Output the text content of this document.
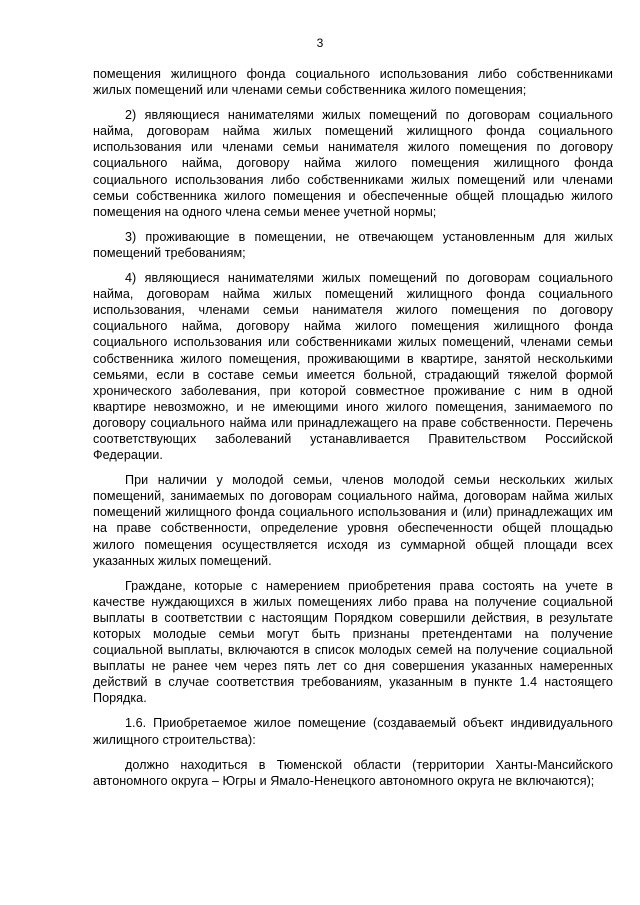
3

помещения жилищного фонда социального использования либо собственниками жилых помещений или членами семьи собственника жилого помещения;

2) являющиеся нанимателями жилых помещений по договорам социального найма, договорам найма жилых помещений жилищного фонда социального использования или членами семьи нанимателя жилого помещения по договору социального найма, договору найма жилого помещения жилищного фонда социального использования либо собственниками жилых помещений или членами семьи собственника жилого помещения и обеспеченные общей площадью жилого помещения на одного члена семьи менее учетной нормы;

3) проживающие в помещении, не отвечающем установленным для жилых помещений требованиям;

4) являющиеся нанимателями жилых помещений по договорам социального найма, договорам найма жилых помещений жилищного фонда социального использования, членами семьи нанимателя жилого помещения по договору социального найма, договору найма жилого помещения жилищного фонда социального использования или собственниками жилых помещений, членами семьи собственника жилого помещения, проживающими в квартире, занятой несколькими семьями, если в составе семьи имеется больной, страдающий тяжелой формой хронического заболевания, при которой совместное проживание с ним в одной квартире невозможно, и не имеющими иного жилого помещения, занимаемого по договору социального найма или принадлежащего на праве собственности. Перечень соответствующих заболеваний устанавливается Правительством Российской Федерации.

При наличии у молодой семьи, членов молодой семьи нескольких жилых помещений, занимаемых по договорам социального найма, договорам найма жилых помещений жилищного фонда социального использования и (или) принадлежащих им на праве собственности, определение уровня обеспеченности общей площадью жилого помещения осуществляется исходя из суммарной общей площади всех указанных жилых помещений.

Граждане, которые с намерением приобретения права состоять на учете в качестве нуждающихся в жилых помещениях либо права на получение социальной выплаты в соответствии с настоящим Порядком совершили действия, в результате которых молодые семьи могут быть признаны претендентами на получение социальной выплаты, включаются в список молодых семей на получение социальной выплаты не ранее чем через пять лет со дня совершения указанных намеренных действий в случае соответствия требованиям, указанным в пункте 1.4 настоящего Порядка.

1.6. Приобретаемое жилое помещение (создаваемый объект индивидуального жилищного строительства):

должно находиться в Тюменской области (территории Ханты-Мансийского автономного округа – Югры и Ямало-Ненецкого автономного округа не включаются);
